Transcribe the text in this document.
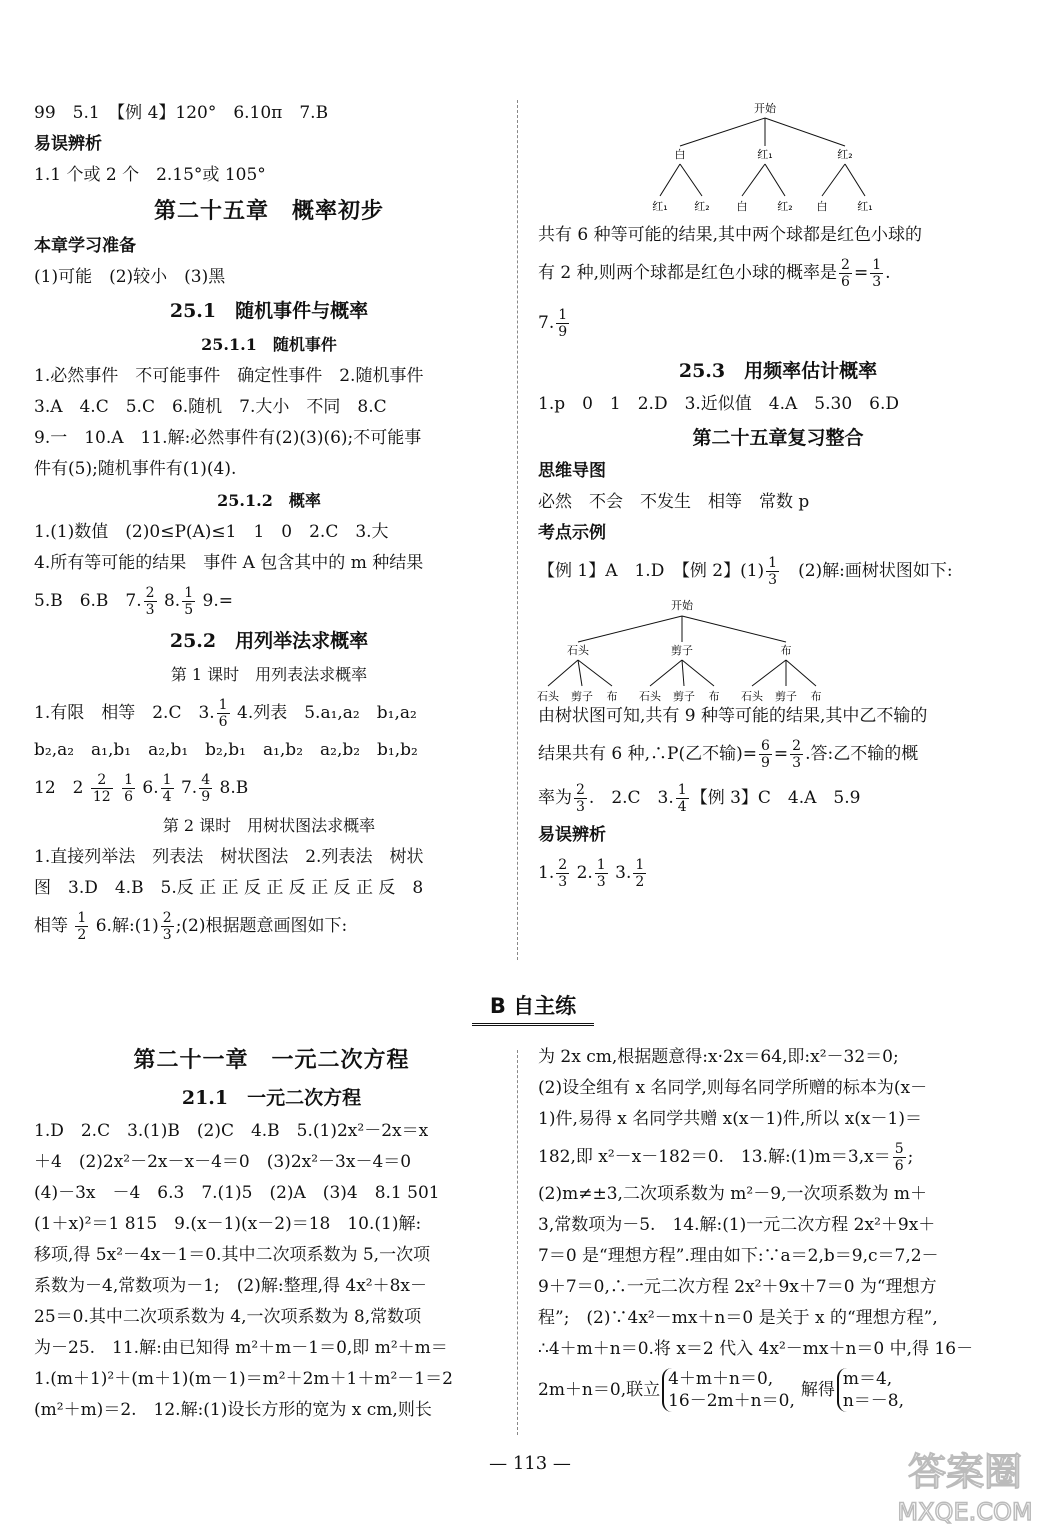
99　5.1　【例 4】120°　6.10π　7.B
易误辨析
1.1 个或 2 个　2.15°或 105°
第二十五章　概率初步
本章学习准备
(1)可能　(2)较小　(3)黑
25.1　随机事件与概率
25.1.1　随机事件
1.必然事件　不可能事件　确定性事件　2.随机事件
3.A　4.C　5.C　6.随机　7.大小　不同　8.C
9.一　10.A　11.解:必然事件有(2)(3)(6);不可能事
件有(5);随机事件有(1)(4).
25.1.2　概率
1.(1)数值　(2)0≤P(A)≤1　1　0　2.C　3.大
4.所有等可能的结果　事件 A 包含其中的 m 种结果
5.B　6.B　7. $\frac{2}{3} 8$. $\frac{1}{5} 9.=$
25.2　用列举法求概率
第 1 课时　用列表法求概率
1.有限　相等　2.C　3. $\frac{1}{6} 4$.列表　5.a₁,a₂　b₁,a₂
b₂,a₂　a₁,b₁　a₂,b₁　b₂,b₁　a₁,b₂　a₂,b₂　b₁,b₂
12　$2 \frac{2}{12}$
$\frac{1}{6} 6$. $\frac{1}{4} 7$. $\frac{4}{9} 8.B$
第 2 课时　用树状图法求概率
1.直接列举法　列表法　树状图法　2.列表法　树状
图　3.D　4.B　5.反 正 正 反 正 反 正 反 正 反　8
相等 $\frac{1}{2} 6$.解:(1) $\frac{2}{3}$ ;(2)根据题意画图如下:
开始
白	红₁	红₂
红₁ 红₂ 白	红₂ 白	红₁
共有 6 种等可能的结果,其中两个球都是红色小球的
有 2 种,则两个球都是红色小球的概率是 $\frac{2}{6} = \frac{1}{3}$ .
7. $\frac{1}{9}$
25.3　用频率估计概率
1.p　0　1　2.D　3.近似值　4.A　5.30　6.D
第二十五章复习整合
思维导图
必然　不会　不发生　相等　常数 p
考点示例
【例 1】A　1.D　【例 2】$(1) \frac{1}{3}$ 　(2)解:画树状图如下:
由树状图可知,共有 9 种等可能的结果,其中乙不输的
结果共有 6 种,∴P(乙不输)= $\frac{6}{9} = \frac{2}{3}$ .答:乙不输的概
率为 $\frac{2}{3}$ .　2.C　3. $\frac{1}{4}$ 【例 3】C　4.A　5.9
易误辨析
1. $\frac{2}{3} 2$. $\frac{1}{3} 3$. $\frac{1}{2}$
开始
石头	剪子	布
石头 剪子 布 石头 剪子 布 石头 剪子 布
B 自主练
第二十一章　一元二次方程
21.1　一元二次方程
1.D　2.C　3.(1)B　(2)C　4.B　5.(1)2x²－2x＝x
＋4　(2)2x²－2x－x－4＝0　(3)2x²－3x－4＝0
(4)－3x　－4　6.3　7.(1)5　(2)A　(3)4　8.1 501
(1＋x)²＝1 815　9.(x－1)(x－2)＝18　10.(1)解:
移项,得 5x²－4x－1＝0.其中二次项系数为 5,一次项
系数为－4,常数项为－1;　(2)解:整理,得 4x²＋8x－
25＝0.其中二次项系数为 4,一次项系数为 8,常数项
为－25.　11.解:由已知得 m²＋m－1＝0,即 m²＋m＝
1.(m＋1)²＋(m＋1)(m－1)＝m²＋2m＋1＋m²－1＝2
(m²＋m)＝2.　12.解:(1)设长方形的宽为 x cm,则长
为 2x cm,根据题意得:x·2x＝64,即:x²－32＝0;
(2)设全组有 x 名同学,则每名同学所赠的标本为(x－
1)件,易得 x 名同学共赠 x(x－1)件,所以 x(x－1)＝
182,即 x²－x－182＝0.　13.解:(1)m＝3,x＝ $\frac{5}{6}$ ;
(2)m≠±3,二次项系数为 m²－9,一次项系数为 m＋
3,常数项为－5.　14.解:(1)一元二次方程 2x²＋9x＋
7＝0 是“理想方程”.理由如下:∵a＝2,b＝9,c＝7,2－
9＋7＝0,∴一元二次方程 2x²＋9x＋7＝0 为“理想方
程”;　(2)∵4x²－mx＋n＝0 是关于 x 的“理想方程”,
∴4＋m＋n＝0.将 x＝2 代入 4x²－mx＋n＝0 中,得 16－
2m＋n＝0,联立
4＋m＋n＝0,
16－2m＋n＝0,
解得
m＝4,
n＝－8,
— 113 —	答案圈
MXQE.COM
